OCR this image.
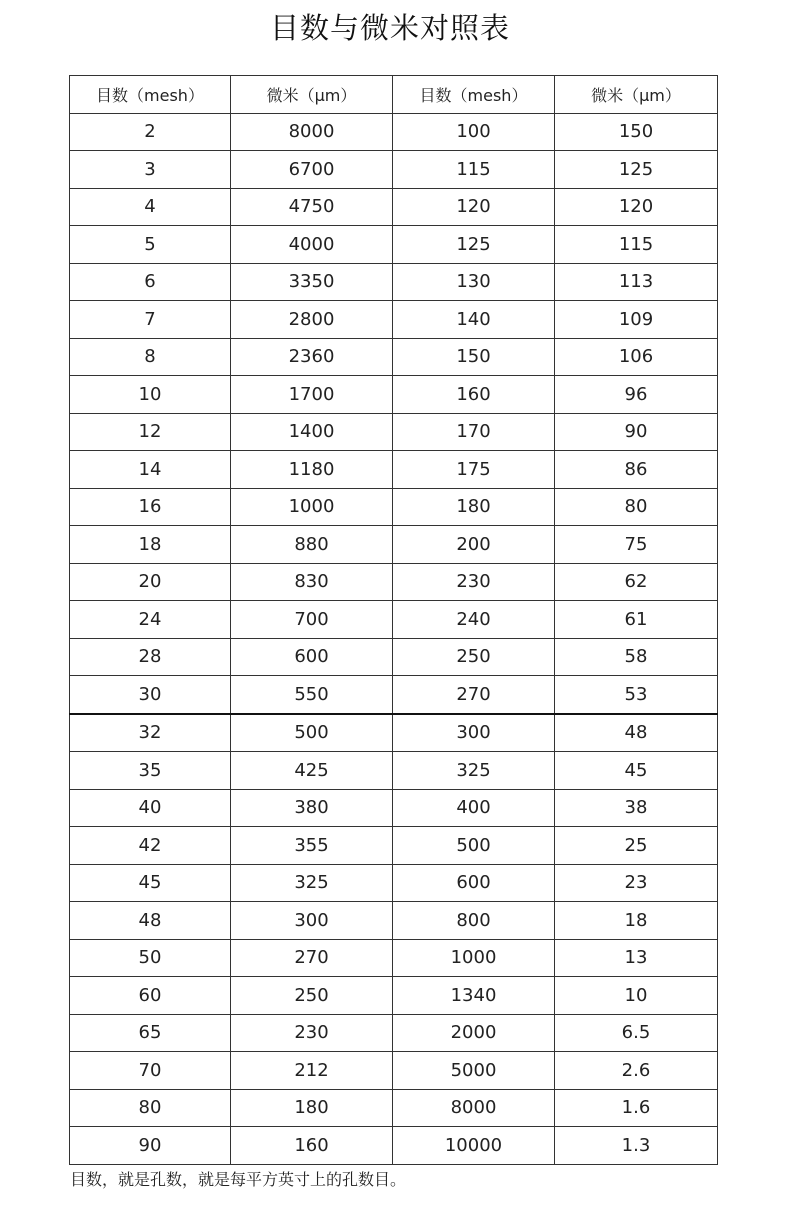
目数与微米对照表
目数（mesh）	微米（μm）	目数（mesh）	微米（μm）
2	8000	100	150
3	6700	115	125
4	4750	120	120
5	4000	125	115
6	3350	130	113
7	2800	140	109
8	2360	150	106
10	1700	160	96
12	1400	170	90
14	1180	175	86
16	1000	180	80
18	880	200	75
20	830	230	62
24	700	240	61
28	600	250	58
30	550	270	53
32	500	300	48
35	425	325	45
40	380	400	38
42	355	500	25
45	325	600	23
48	300	800	18
50	270	1000	13
60	250	1340	10
65	230	2000	6.5
70	212	5000	2.6
80	180	8000	1.6
90	160	10000	1.3
目数，就是孔数，就是每平方英寸上的孔数目。
